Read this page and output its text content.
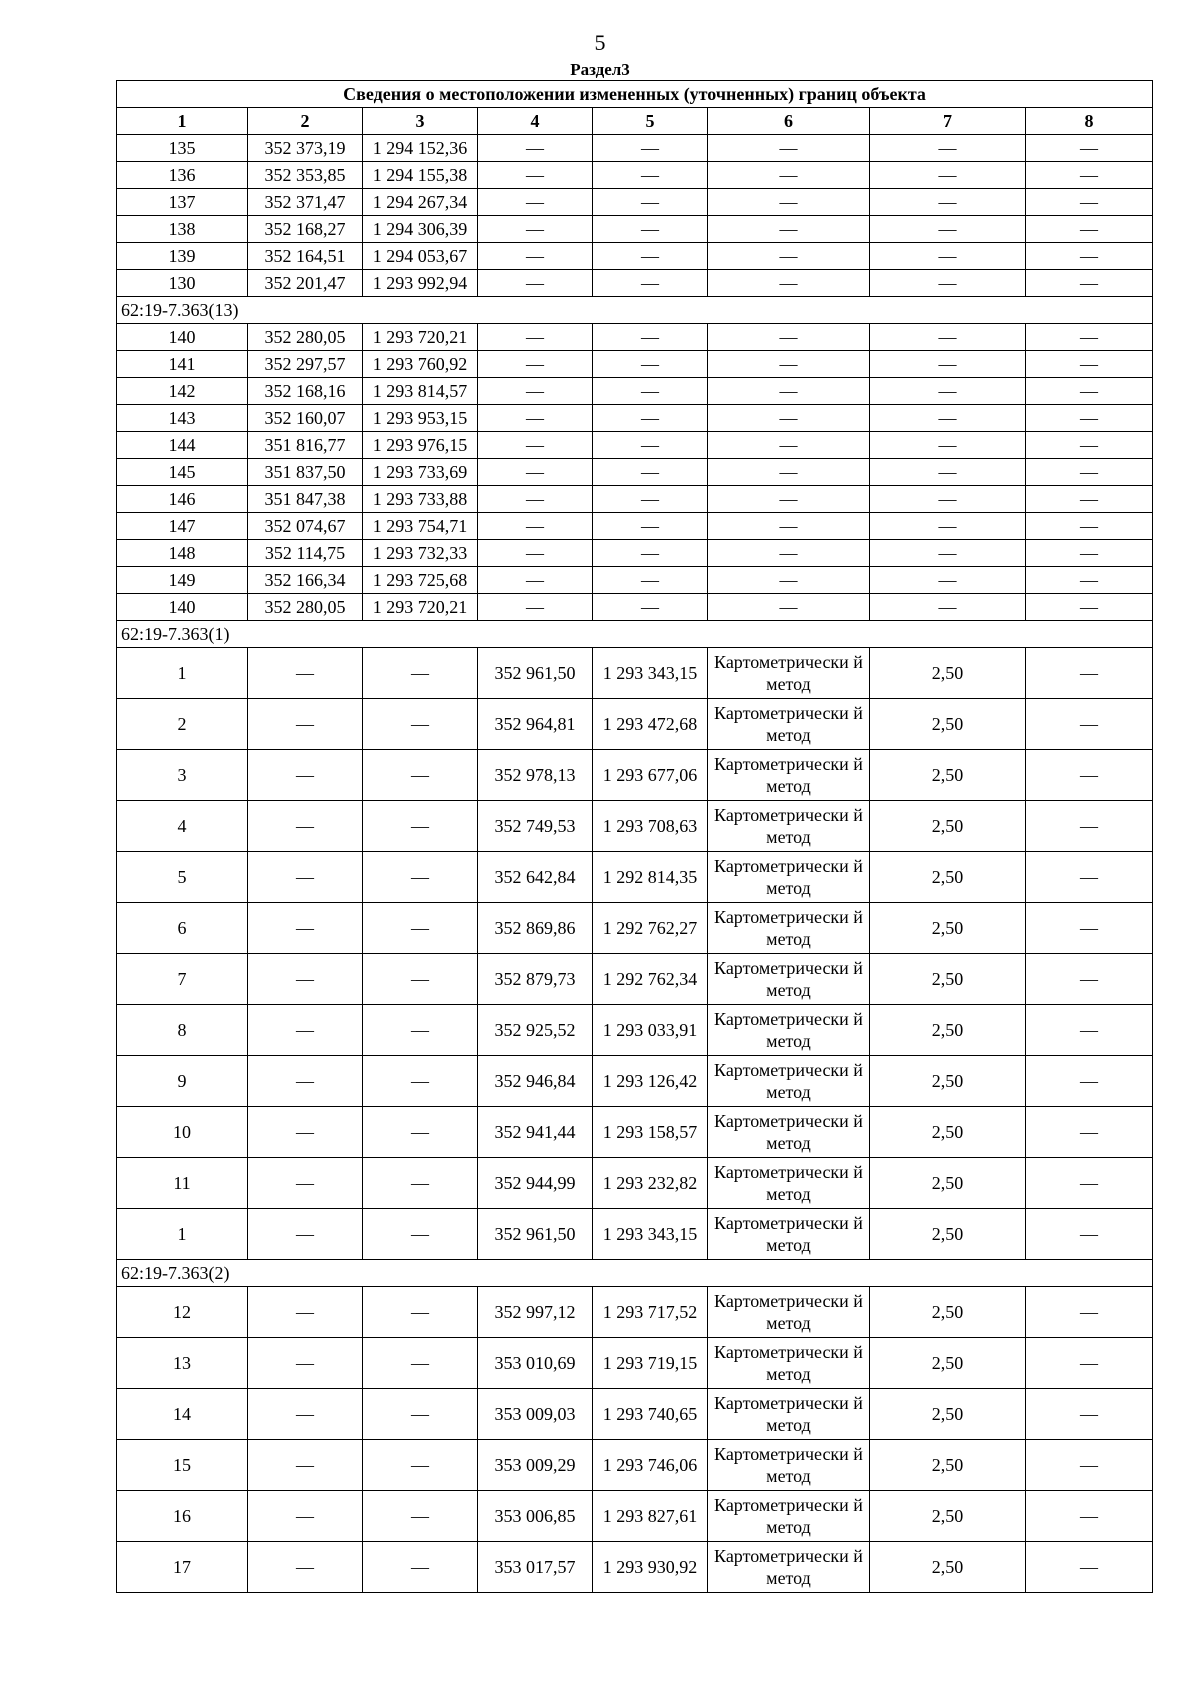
5
Раздел3
Сведения о местоположении измененных (уточненных) границ объекта							
1	2	3	4	5	6	7	8
135	352 373,19	1 294 152,36	—	—	—	—	—
136	352 353,85	1 294 155,38	—	—	—	—	—
137	352 371,47	1 294 267,34	—	—	—	—	—
138	352 168,27	1 294 306,39	—	—	—	—	—
139	352 164,51	1 294 053,67	—	—	—	—	—
130	352 201,47	1 293 992,94	—	—	—	—	—
62:19-7.363(13)							
140	352 280,05	1 293 720,21	—	—	—	—	—
141	352 297,57	1 293 760,92	—	—	—	—	—
142	352 168,16	1 293 814,57	—	—	—	—	—
143	352 160,07	1 293 953,15	—	—	—	—	—
144	351 816,77	1 293 976,15	—	—	—	—	—
145	351 837,50	1 293 733,69	—	—	—	—	—
146	351 847,38	1 293 733,88	—	—	—	—	—
147	352 074,67	1 293 754,71	—	—	—	—	—
148	352 114,75	1 293 732,33	—	—	—	—	—
149	352 166,34	1 293 725,68	—	—	—	—	—
140	352 280,05	1 293 720,21	—	—	—	—	—
62:19-7.363(1)							
1	—	—	352 961,50	1 293 343,15	Картометрически й метод	2,50	—
2	—	—	352 964,81	1 293 472,68	Картометрически й метод	2,50	—
3	—	—	352 978,13	1 293 677,06	Картометрически й метод	2,50	—
4	—	—	352 749,53	1 293 708,63	Картометрически й метод	2,50	—
5	—	—	352 642,84	1 292 814,35	Картометрически й метод	2,50	—
6	—	—	352 869,86	1 292 762,27	Картометрически й метод	2,50	—
7	—	—	352 879,73	1 292 762,34	Картометрически й метод	2,50	—
8	—	—	352 925,52	1 293 033,91	Картометрически й метод	2,50	—
9	—	—	352 946,84	1 293 126,42	Картометрически й метод	2,50	—
10	—	—	352 941,44	1 293 158,57	Картометрически й метод	2,50	—
11	—	—	352 944,99	1 293 232,82	Картометрически й метод	2,50	—
1	—	—	352 961,50	1 293 343,15	Картометрически й метод	2,50	—
62:19-7.363(2)							
12	—	—	352 997,12	1 293 717,52	Картометрически й метод	2,50	—
13	—	—	353 010,69	1 293 719,15	Картометрически й метод	2,50	—
14	—	—	353 009,03	1 293 740,65	Картометрически й метод	2,50	—
15	—	—	353 009,29	1 293 746,06	Картометрически й метод	2,50	—
16	—	—	353 006,85	1 293 827,61	Картометрически й метод	2,50	—
17	—	—	353 017,57	1 293 930,92	Картометрически й метод	2,50	—
